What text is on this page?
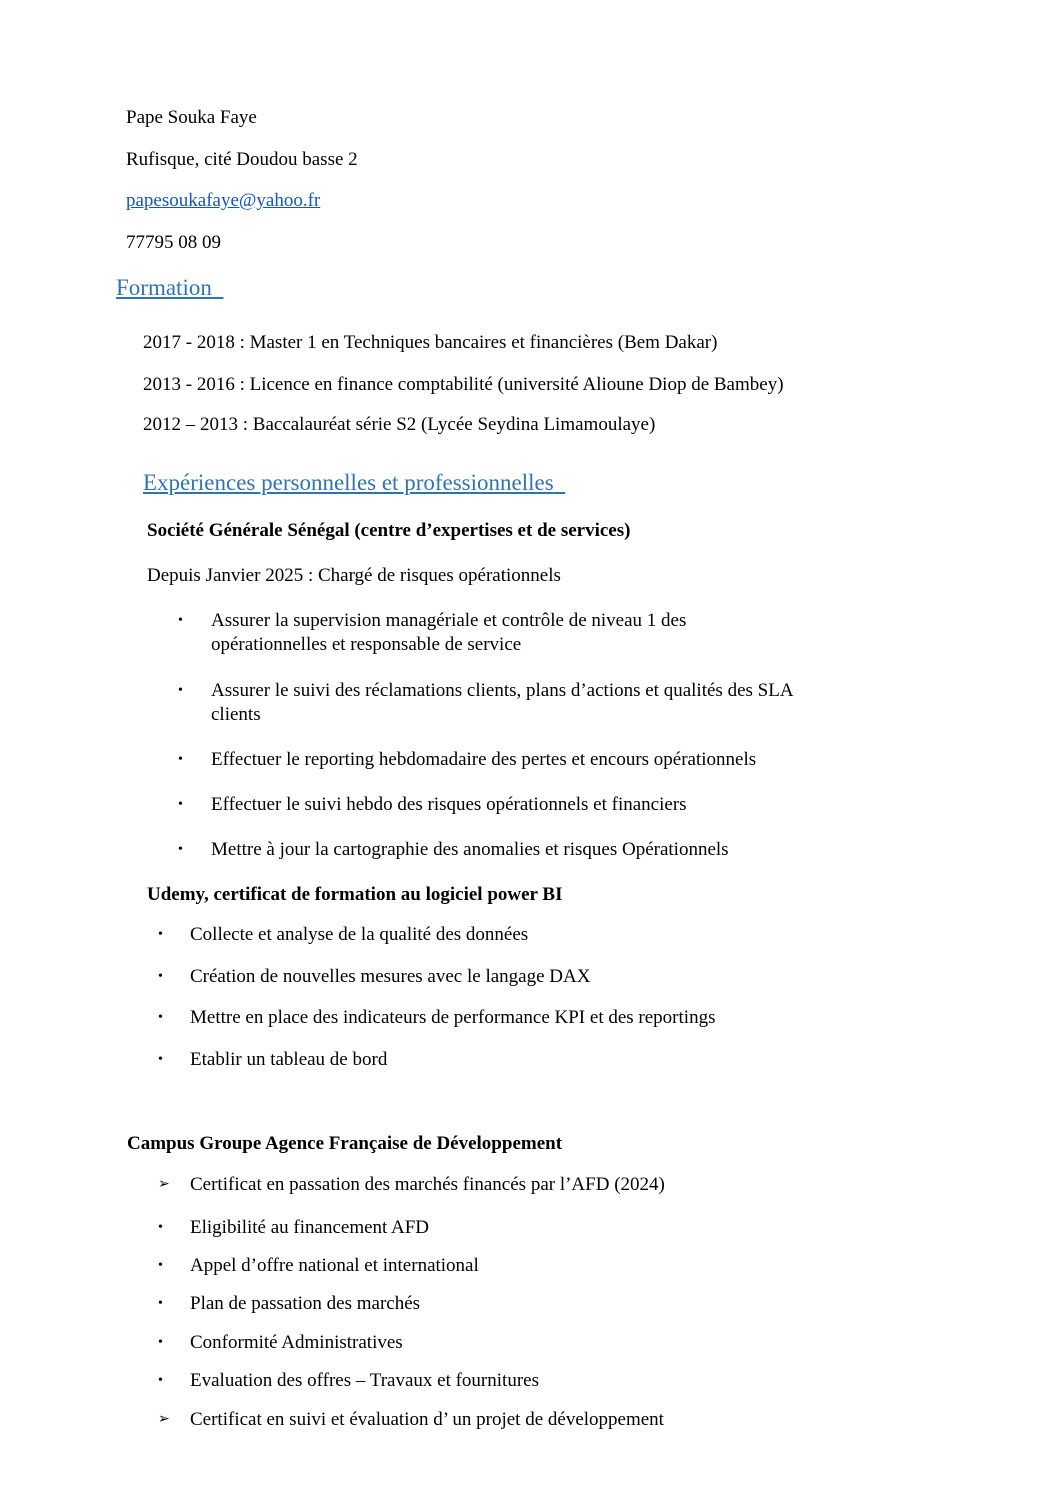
Pape Souka Faye
Rufisque, cité Doudou basse 2
papesoukafaye@yahoo.fr
77795 08 09
Formation
2017 - 2018 : Master 1 en Techniques bancaires et financières (Bem Dakar)
2013 - 2016 : Licence en finance comptabilité (université Alioune Diop de Bambey)
2012 – 2013 : Baccalauréat série S2 (Lycée Seydina Limamoulaye)
Expériences personnelles et professionnelles
Société Générale Sénégal (centre d’expertises et de services)
Depuis Janvier 2025 : Chargé de risques opérationnels
•	Assurer la supervision managériale et contrôle de niveau 1 des opérationnelles et responsable de service
•	Assurer le suivi des réclamations clients, plans d’actions et qualités des SLA clients
•	Effectuer le reporting hebdomadaire des pertes et encours opérationnels
•	Effectuer le suivi hebdo des risques opérationnels et financiers
•	Mettre à jour la cartographie des anomalies et risques Opérationnels
Udemy, certificat de formation au logiciel power BI
•	Collecte et analyse de la qualité des données
•	Création de nouvelles mesures avec le langage DAX
•	Mettre en place des indicateurs de performance KPI et des reportings
•	Etablir un tableau de bord
Campus Groupe Agence Française de Développement
➢	Certificat en passation des marchés financés par l’AFD (2024)
•	Eligibilité au financement AFD
•	Appel d’offre national et international
•	Plan de passation des marchés
•	Conformité Administratives
•	Evaluation des offres – Travaux et fournitures
➢	Certificat en suivi et évaluation d’ un projet de développement
